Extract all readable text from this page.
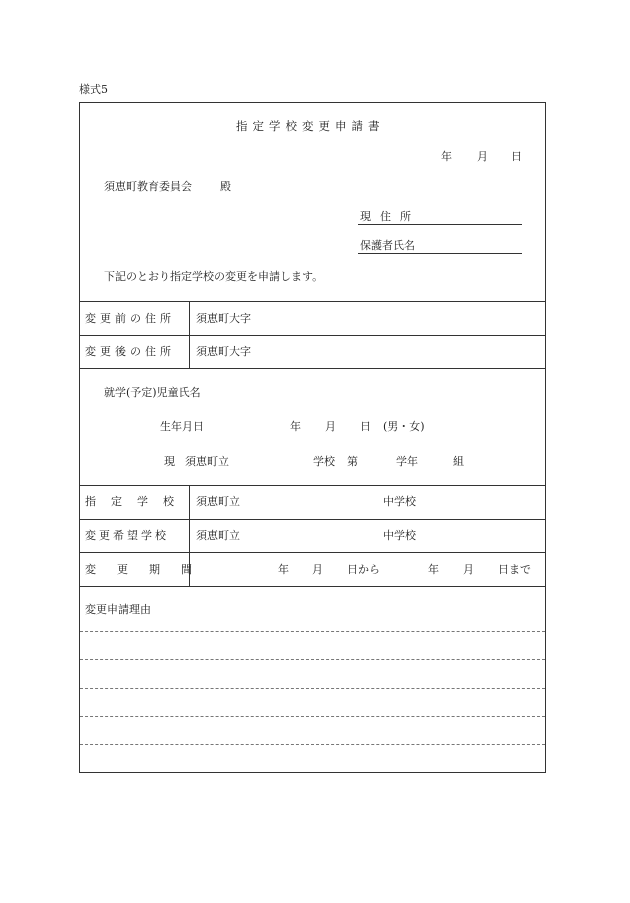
様式5
指定学校変更申請書
年 月 日
須恵町教育委員会	殿
現住所
保護者氏名
下記のとおり指定学校の変更を申請します。
変更前の住所 須恵町大字
変更後の住所 須恵町大字
就学(予定)児童氏名
生年月日	年 月 日 (男・女)
現 須恵町立	学校 第	学年	組
指定学校 須恵町立	中学校
変更希望学校 須恵町立	中学校
変更期間	年 月 日から	年 月 日まで
変更申請理由
